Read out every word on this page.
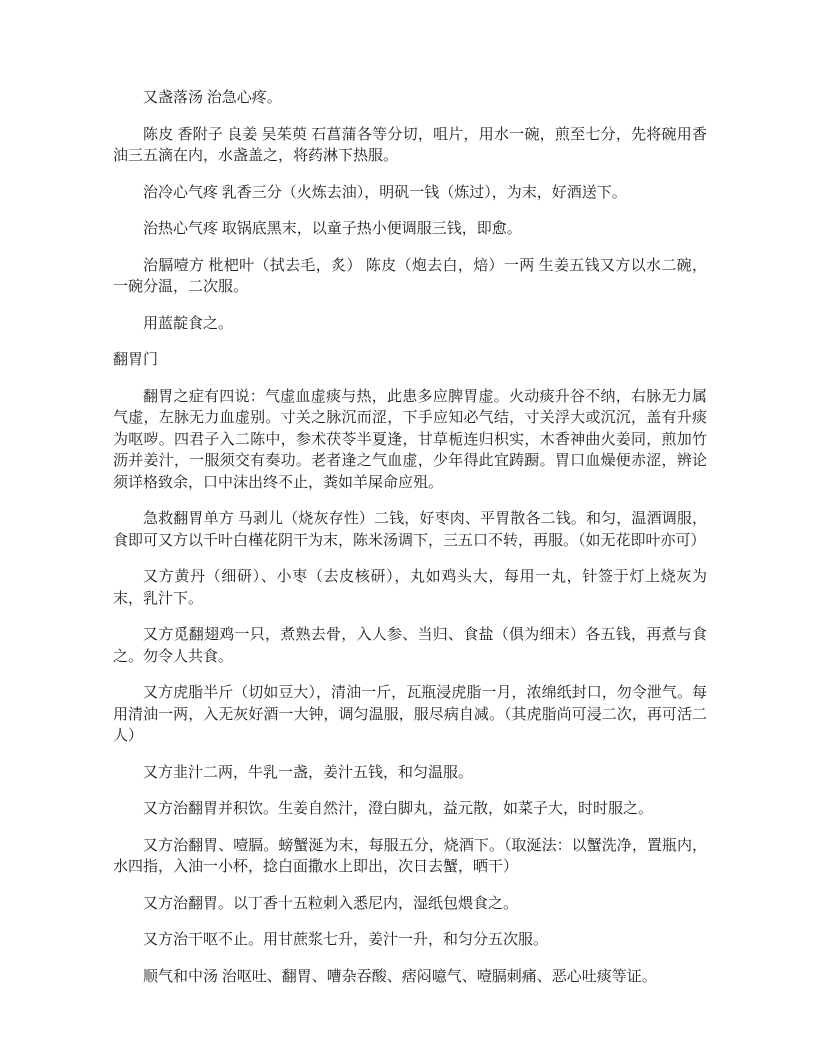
又盏落汤 治急心疼。

陈皮 香附子 良姜 吴茱萸 石菖蒲各等分切，咀片，用水一碗，煎至七分，先将碗用香油三五滴在内，水盏盖之，将药淋下热服。

治冷心气疼 乳香三分（火炼去油），明矾一钱（炼过），为末，好酒送下。

治热心气疼 取锅底黑末，以童子热小便调服三钱，即愈。

治膈噎方 枇杷叶（拭去毛，炙） 陈皮（炮去白，焙）一两 生姜五钱又方以水二碗，一碗分温，二次服。

用蓝靛食之。

翻胃门

翻胃之症有四说：气虚血虚痰与热，此患多应脾胃虚。火动痰升谷不纳，右脉无力属气虚，左脉无力血虚别。寸关之脉沉而涩，下手应知必气结，寸关浮大或沉沉，盖有升痰为呕哕。四君子入二陈中，参术茯苓半夏逢，甘草栀连归枳实，木香神曲火姜同，煎加竹沥并姜汁，一服须交有奏功。老者逢之气血虚，少年得此宜踌蹰。胃口血燥便赤涩，辨论须详格致余，口中沫出终不止，粪如羊屎命应殂。

急救翻胃单方 马剥儿（烧灰存性）二钱，好枣肉、平胃散各二钱。和匀，温酒调服，食即可又方以千叶白槿花阴干为末，陈米汤调下，三五口不转，再服。（如无花即叶亦可）

又方黄丹（细研）、小枣（去皮核研），丸如鸡头大，每用一丸，针签于灯上烧灰为末，乳汁下。

又方觅翻翅鸡一只，煮熟去骨，入人参、当归、食盐（俱为细末）各五钱，再煮与食之。勿令人共食。

又方虎脂半斤（切如豆大），清油一斤，瓦瓶浸虎脂一月，浓绵纸封口，勿令泄气。每用清油一两，入无灰好酒一大钟，调匀温服，服尽病自减。（其虎脂尚可浸二次，再可活二人）

又方韭汁二两，牛乳一盏，姜汁五钱，和匀温服。

又方治翻胃并积饮。生姜自然汁，澄白脚丸，益元散，如菜子大，时时服之。

又方治翻胃、噎膈。螃蟹涎为末，每服五分，烧酒下。（取涎法：以蟹洗净，置瓶内，水四指，入油一小杯，捻白面撒水上即出，次日去蟹，晒干）

又方治翻胃。以丁香十五粒刺入悉尼内，湿纸包煨食之。

又方治干呕不止。用甘蔗浆七升，姜汁一升，和匀分五次服。

顺气和中汤 治呕吐、翻胃、嘈杂吞酸、痞闷噫气、噎膈刺痛、恶心吐痰等证。
